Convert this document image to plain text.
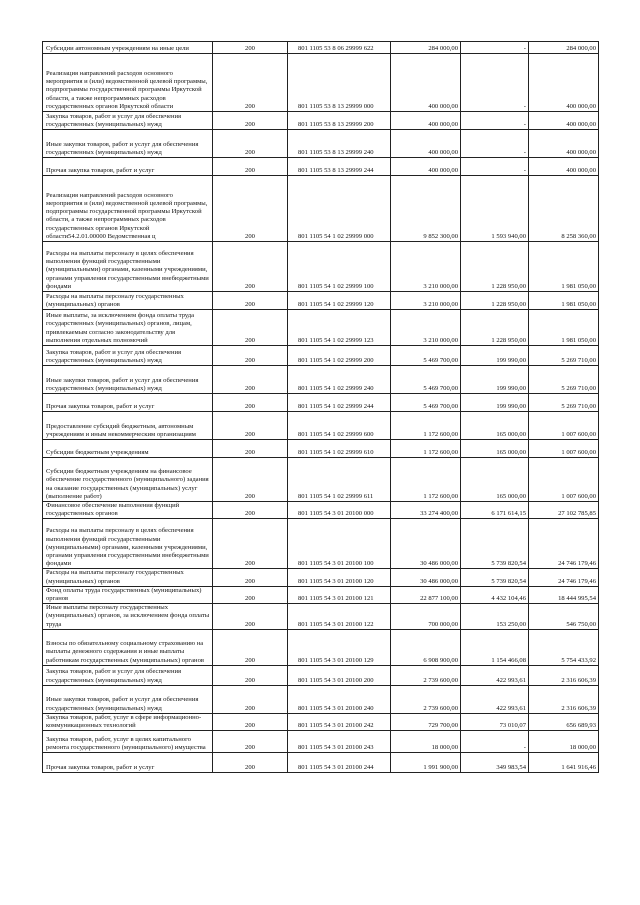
Субсидии автономным учреждениям на иные цели	200	801 1105 53 8 06 29999 622	284 000,00	-	284 000,00
Реализация направлений расходов основного мероприятия и (или) ведомственной целевой программы, подпрограммы государственной программы Иркутской области, а также непрограммных расходов государственных органов Иркутской области	200	801 1105 53 8 13 29999 000	400 000,00	-	400 000,00
Закупка товаров, работ и услуг для обеспечения государственных (муниципальных) нужд	200	801 1105 53 8 13 29999 200	400 000,00	-	400 000,00
Иные закупки товаров, работ и услуг для обеспечения государственных (муниципальных) нужд	200	801 1105 53 8 13 29999 240	400 000,00	-	400 000,00
Прочая закупка товаров, работ и услуг	200	801 1105 53 8 13 29999 244	400 000,00	-	400 000,00
Реализация направлений расходов основного мероприятия и (или) ведомственной целевой программы, подпрограммы государственной программы Иркутской области, а также непрограммных расходов государственных органов Иркутской области54.2.01.00000 Ведомственная ц	200	801 1105 54 1 02 29999 000	9 852 300,00	1 593 940,00	8 258 360,00
Расходы на выплаты персоналу в целях обеспечения выполнения функций государственными (муниципальными) органами, казенными учреждениями, органами управления государственными внебюджетными фондами	200	801 1105 54 1 02 29999 100	3 210 000,00	1 228 950,00	1 981 050,00
Расходы на выплаты персоналу государственных (муниципальных) органов	200	801 1105 54 1 02 29999 120	3 210 000,00	1 228 950,00	1 981 050,00
Иные выплаты, за исключением фонда оплаты труда государственных (муниципальных) органов, лицам, привлекаемым согласно законодательству для выполнения отдельных полномочий	200	801 1105 54 1 02 29999 123	3 210 000,00	1 228 950,00	1 981 050,00
Закупка товаров, работ и услуг для обеспечения государственных (муниципальных) нужд	200	801 1105 54 1 02 29999 200	5 469 700,00	199 990,00	5 269 710,00
Иные закупки товаров, работ и услуг для обеспечения государственных (муниципальных) нужд	200	801 1105 54 1 02 29999 240	5 469 700,00	199 990,00	5 269 710,00
Прочая закупка товаров, работ и услуг	200	801 1105 54 1 02 29999 244	5 469 700,00	199 990,00	5 269 710,00
Предоставление субсидий бюджетным, автономным учреждениям и иным некоммерческим организациям	200	801 1105 54 1 02 29999 600	1 172 600,00	165 000,00	1 007 600,00
Субсидии бюджетным учреждениям	200	801 1105 54 1 02 29999 610	1 172 600,00	165 000,00	1 007 600,00
Субсидии бюджетным учреждениям на финансовое обеспечение государственного (муниципального) задания на оказание государственных (муниципальных) услуг (выполнение работ)	200	801 1105 54 1 02 29999 611	1 172 600,00	165 000,00	1 007 600,00
Финансовое обеспечение выполнения функций государственных органов	200	801 1105 54 3 01 20100 000	33 274 400,00	6 171 614,15	27 102 785,85
Расходы на выплаты персоналу в целях обеспечения выполнения функций государственными (муниципальными) органами, казенными учреждениями, органами управления государственными внебюджетными фондами	200	801 1105 54 3 01 20100 100	30 486 000,00	5 739 820,54	24 746 179,46
Расходы на выплаты персоналу государственных (муниципальных) органов	200	801 1105 54 3 01 20100 120	30 486 000,00	5 739 820,54	24 746 179,46
Фонд оплаты труда государственных (муниципальных) органов	200	801 1105 54 3 01 20100 121	22 877 100,00	4 432 104,46	18 444 995,54
Иные выплаты персоналу государственных (муниципальных) органов, за исключением фонда оплаты труда	200	801 1105 54 3 01 20100 122	700 000,00	153 250,00	546 750,00
Взносы по обязательному социальному страхованию на выплаты денежного содержания и иные выплаты работникам государственных (муниципальных) органов	200	801 1105 54 3 01 20100 129	6 908 900,00	1 154 466,08	5 754 433,92
Закупка товаров, работ и услуг для обеспечения государственных (муниципальных) нужд	200	801 1105 54 3 01 20100 200	2 739 600,00	422 993,61	2 316 606,39
Иные закупки товаров, работ и услуг для обеспечения государственных (муниципальных) нужд	200	801 1105 54 3 01 20100 240	2 739 600,00	422 993,61	2 316 606,39
Закупка товаров, работ, услуг в сфере информационно-коммуникационных технологий	200	801 1105 54 3 01 20100 242	729 700,00	73 010,07	656 689,93
Закупка товаров, работ, услуг в целях капитального ремонта государственного (муниципального) имущества	200	801 1105 54 3 01 20100 243	18 000,00	-	18 000,00
Прочая закупка товаров, работ и услуг	200	801 1105 54 3 01 20100 244	1 991 900,00	349 983,54	1 641 916,46
